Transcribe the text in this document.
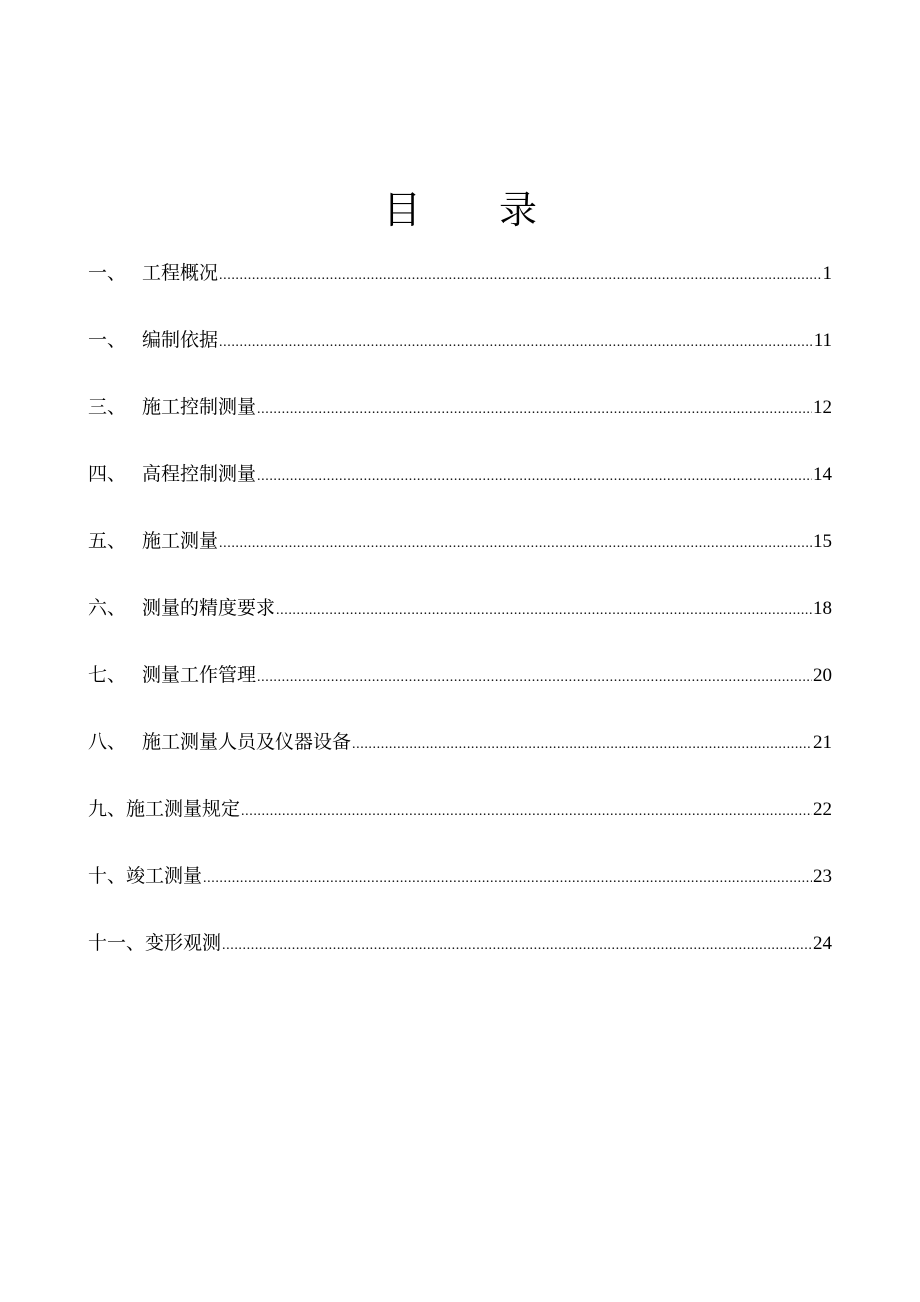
目 录
一、 工程概况 .....	1
一、 编制依据 .....	11
三、 施工控制测量 .....	12
四、 高程控制测量 .....	14
五、 施工测量 .....	15
六、 测量的精度要求 .....	18
七、 测量工作管理 .....	20
八、 施工测量人员及仪器设备 .....	21
九、 施工测量规定 .....	22
十、 竣工测量 .....	23
十一、 变形观测 .....	24
